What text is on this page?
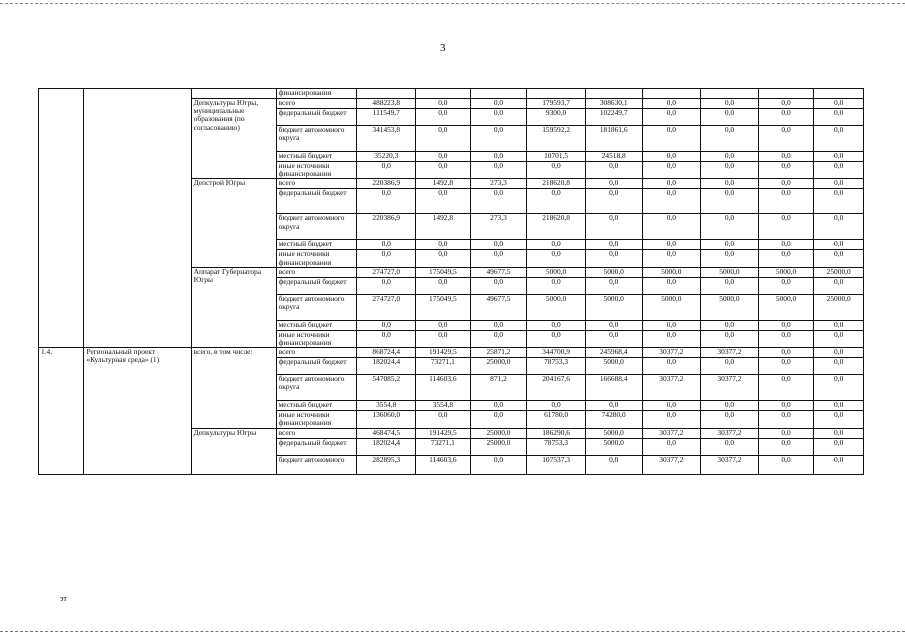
3
			финансирования									
		Депкультуры Югры, муниципальные образования (по согласованию)	всего	488223,8	0,0	0,0	179593,7	308630,1	0,0	0,0	0,0	0,0
			федеральный бюджет	111549,7	0,0	0,0	9300,0	102249,7	0,0	0,0	0,0	0,0
			бюджет автономного округа	341453,8	0,0	0,0	159592,2	181861,6	0,0	0,0	0,0	0,0
			местный бюджет	35220,3	0,0	0,0	10701,5	24518,8	0,0	0,0	0,0	0,0
			иные источники финансирования	0,0	0,0	0,0	0,0	0,0	0,0	0,0	0,0	0,0
		Депстрой Югры	всего	220386,9	1492,8	273,3	218620,8	0,0	0,0	0,0	0,0	0,0
			федеральный бюджет	0,0	0,0	0,0	0,0	0,0	0,0	0,0	0,0	0,0
			бюджет автономного округа	220386,9	1492,8	273,3	218620,8	0,0	0,0	0,0	0,0	0,0
			местный бюджет	0,0	0,0	0,0	0,0	0,0	0,0	0,0	0,0	0,0
			иные источники финансирования	0,0	0,0	0,0	0,0	0,0	0,0	0,0	0,0	0,0
		Аппарат Губернатора Югры	всего	274727,0	175049,5	49677,5	5000,0	5000,0	5000,0	5000,0	5000,0	25000,0
			федеральный бюджет	0,0	0,0	0,0	0,0	0,0	0,0	0,0	0,0	0,0
			бюджет автономного округа	274727,0	175049,5	49677,5	5000,0	5000,0	5000,0	5000,0	5000,0	25000,0
			местный бюджет	0,0	0,0	0,0	0,0	0,0	0,0	0,0	0,0	0,0
			иные источники финансирования	0,0	0,0	0,0	0,0	0,0	0,0	0,0	0,0	0,0
1.4.	Региональный проект «Культурная среда» (1)	всего, в том числе:	всего	868724,4	191429,5	25871,2	344700,9	245968,4	30377,2	30377,2	0,0	0,0
			федеральный бюджет	182024,4	73271,1	25000,0	78753,3	5000,0	0,0	0,0	0,0	0,0
			бюджет автономного округа	547085,2	114603,6	871,2	204167,6	166688,4	30377,2	30377,2	0,0	0,0
			местный бюджет	3554,8	3554,8	0,0	0,0	0,0	0,0	0,0	0,0	0,0
			иные источники финансирования	136060,0	0,0	0,0	61780,0	74280,0	0,0	0,0	0,0	0,0
		Депкультуры Югры	всего	468474,5	191429,5	25000,0	186290,6	5000,0	30377,2	30377,2	0,0	0,0
			федеральный бюджет	182024,4	73271,1	25000,0	78753,3	5000,0	0,0	0,0	0,0	0,0
			бюджет автономного	282895,3	114603,6	0,0	107537,3	0,0	30377,2	30377,2	0,0	0,0
эт
